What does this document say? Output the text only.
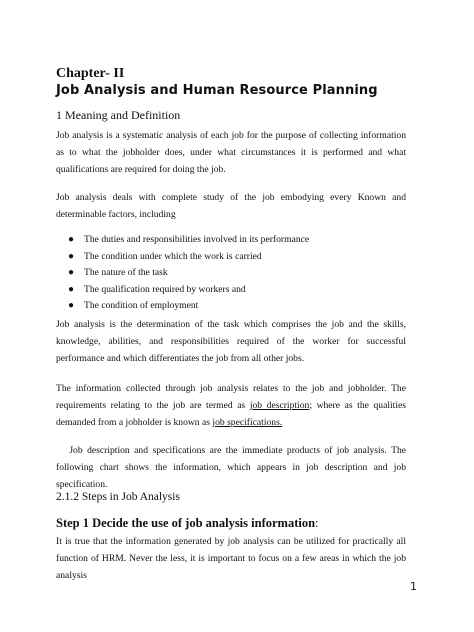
Chapter- II
Job Analysis and Human Resource Planning
1 Meaning and Definition
Job analysis is a systematic analysis of each job for the purpose of collecting information as to what the jobholder does, under what circumstances it is performed and what qualifications are required for doing the job.
Job analysis deals with complete study of the job embodying every Known and determinable factors, including
● The duties and responsibilities involved in its performance
● The condition under which the work is carried
● The nature of the task
● The qualification required by workers and
● The condition of employment
Job analysis is the determination of the task which comprises the job and the skills, knowledge, abilities, and responsibilities required of the worker for successful performance and which differentiates the job from all other jobs.
The information collected through job analysis relates to the job and jobholder. The requirements relating to the job are termed as job description; where as the qualities demanded from a jobholder is known as job specifications.
Job description and specifications are the immediate products of job analysis. The following chart shows the information, which appears in job description and job specification.
2.1.2 Steps in Job Analysis
Step 1 Decide the use of job analysis information:
It is true that the information generated by job analysis can be utilized for practically all function of HRM. Never the less, it is important to focus on a few areas in which the job analysis
1
